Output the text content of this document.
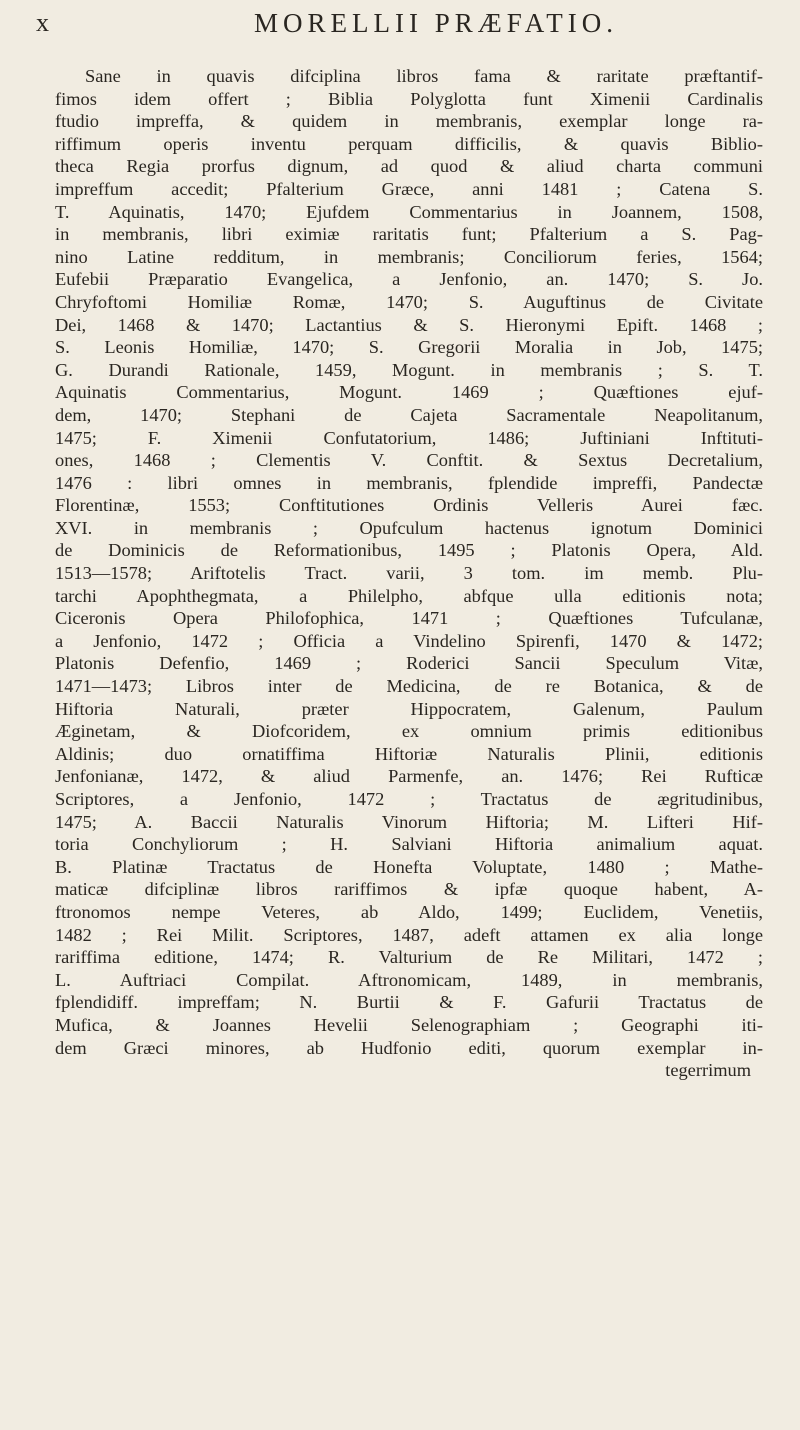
x	MORELLII PRÆFATIO.
Sane in quavis difciplina libros fama & raritate præftantif-
fimos idem offert ; Biblia Polyglotta funt Ximenii Cardinalis
ftudio impreffa, & quidem in membranis, exemplar longe ra-
riffimum operis inventu perquam difficilis, & quavis Biblio-
theca Regia prorfus dignum, ad quod & aliud charta communi
impreffum accedit; Pfalterium Græce, anni 1481 ; Catena S.
T. Aquinatis, 1470; Ejufdem Commentarius in Joannem, 1508,
in membranis, libri eximiæ raritatis funt; Pfalterium a S. Pag-
nino Latine redditum, in membranis; Conciliorum feries, 1564;
Eufebii Præparatio Evangelica, a Jenfonio, an. 1470; S. Jo.
Chryfoftomi Homiliæ Romæ, 1470; S. Auguftinus de Civitate
Dei, 1468 & 1470; Lactantius & S. Hieronymi Epift. 1468 ;
S. Leonis Homiliæ, 1470; S. Gregorii Moralia in Job, 1475;
G. Durandi Rationale, 1459, Mogunt. in membranis ; S. T.
Aquinatis Commentarius, Mogunt. 1469 ; Quæftiones ejuf-
dem, 1470; Stephani de Cajeta Sacramentale Neapolitanum,
1475; F. Ximenii Confutatorium, 1486; Juftiniani Inftituti-
ones, 1468 ; Clementis V. Conftit. & Sextus Decretalium,
1476 : libri omnes in membranis, fplendide impreffi, Pandectæ
Florentinæ, 1553; Conftitutiones Ordinis Velleris Aurei fæc.
XVI. in membranis ; Opufculum hactenus ignotum Dominici
de Dominicis de Reformationibus, 1495 ; Platonis Opera, Ald.
1513—1578; Ariftotelis Tract. varii, 3 tom. im memb. Plu-
tarchi Apophthegmata, a Philelpho, abfque ulla editionis nota;
Ciceronis Opera Philofophica, 1471 ; Quæftiones Tufculanæ,
a Jenfonio, 1472 ; Officia a Vindelino Spirenfi, 1470 & 1472;
Platonis Defenfio, 1469 ; Roderici Sancii Speculum Vitæ,
1471—1473; Libros inter de Medicina, de re Botanica, & de
Hiftoria Naturali, præter Hippocratem, Galenum, Paulum
Æginetam, & Diofcoridem, ex omnium primis editionibus
Aldinis; duo ornatiffima Hiftoriæ Naturalis Plinii, editionis
Jenfonianæ, 1472, & aliud Parmenfe, an. 1476; Rei Rufticæ
Scriptores, a Jenfonio, 1472 ; Tractatus de ægritudinibus,
1475; A. Baccii Naturalis Vinorum Hiftoria; M. Lifteri Hif-
toria Conchyliorum ; H. Salviani Hiftoria animalium aquat.
B. Platinæ Tractatus de Honefta Voluptate, 1480 ; Mathe-
maticæ difciplinæ libros rariffimos & ipfæ quoque habent, A-
ftronomos nempe Veteres, ab Aldo, 1499; Euclidem, Venetiis,
1482 ; Rei Milit. Scriptores, 1487, adeft attamen ex alia longe
rariffima editione, 1474; R. Valturium de Re Militari, 1472 ;
L. Auftriaci Compilat. Aftronomicam, 1489, in membranis,
fplendidiff. impreffam; N. Burtii & F. Gafurii Tractatus de
Mufica, & Joannes Hevelii Selenographiam ; Geographi iti-
dem Græci minores, ab Hudfonio editi, quorum exemplar in-
tegerrimum
